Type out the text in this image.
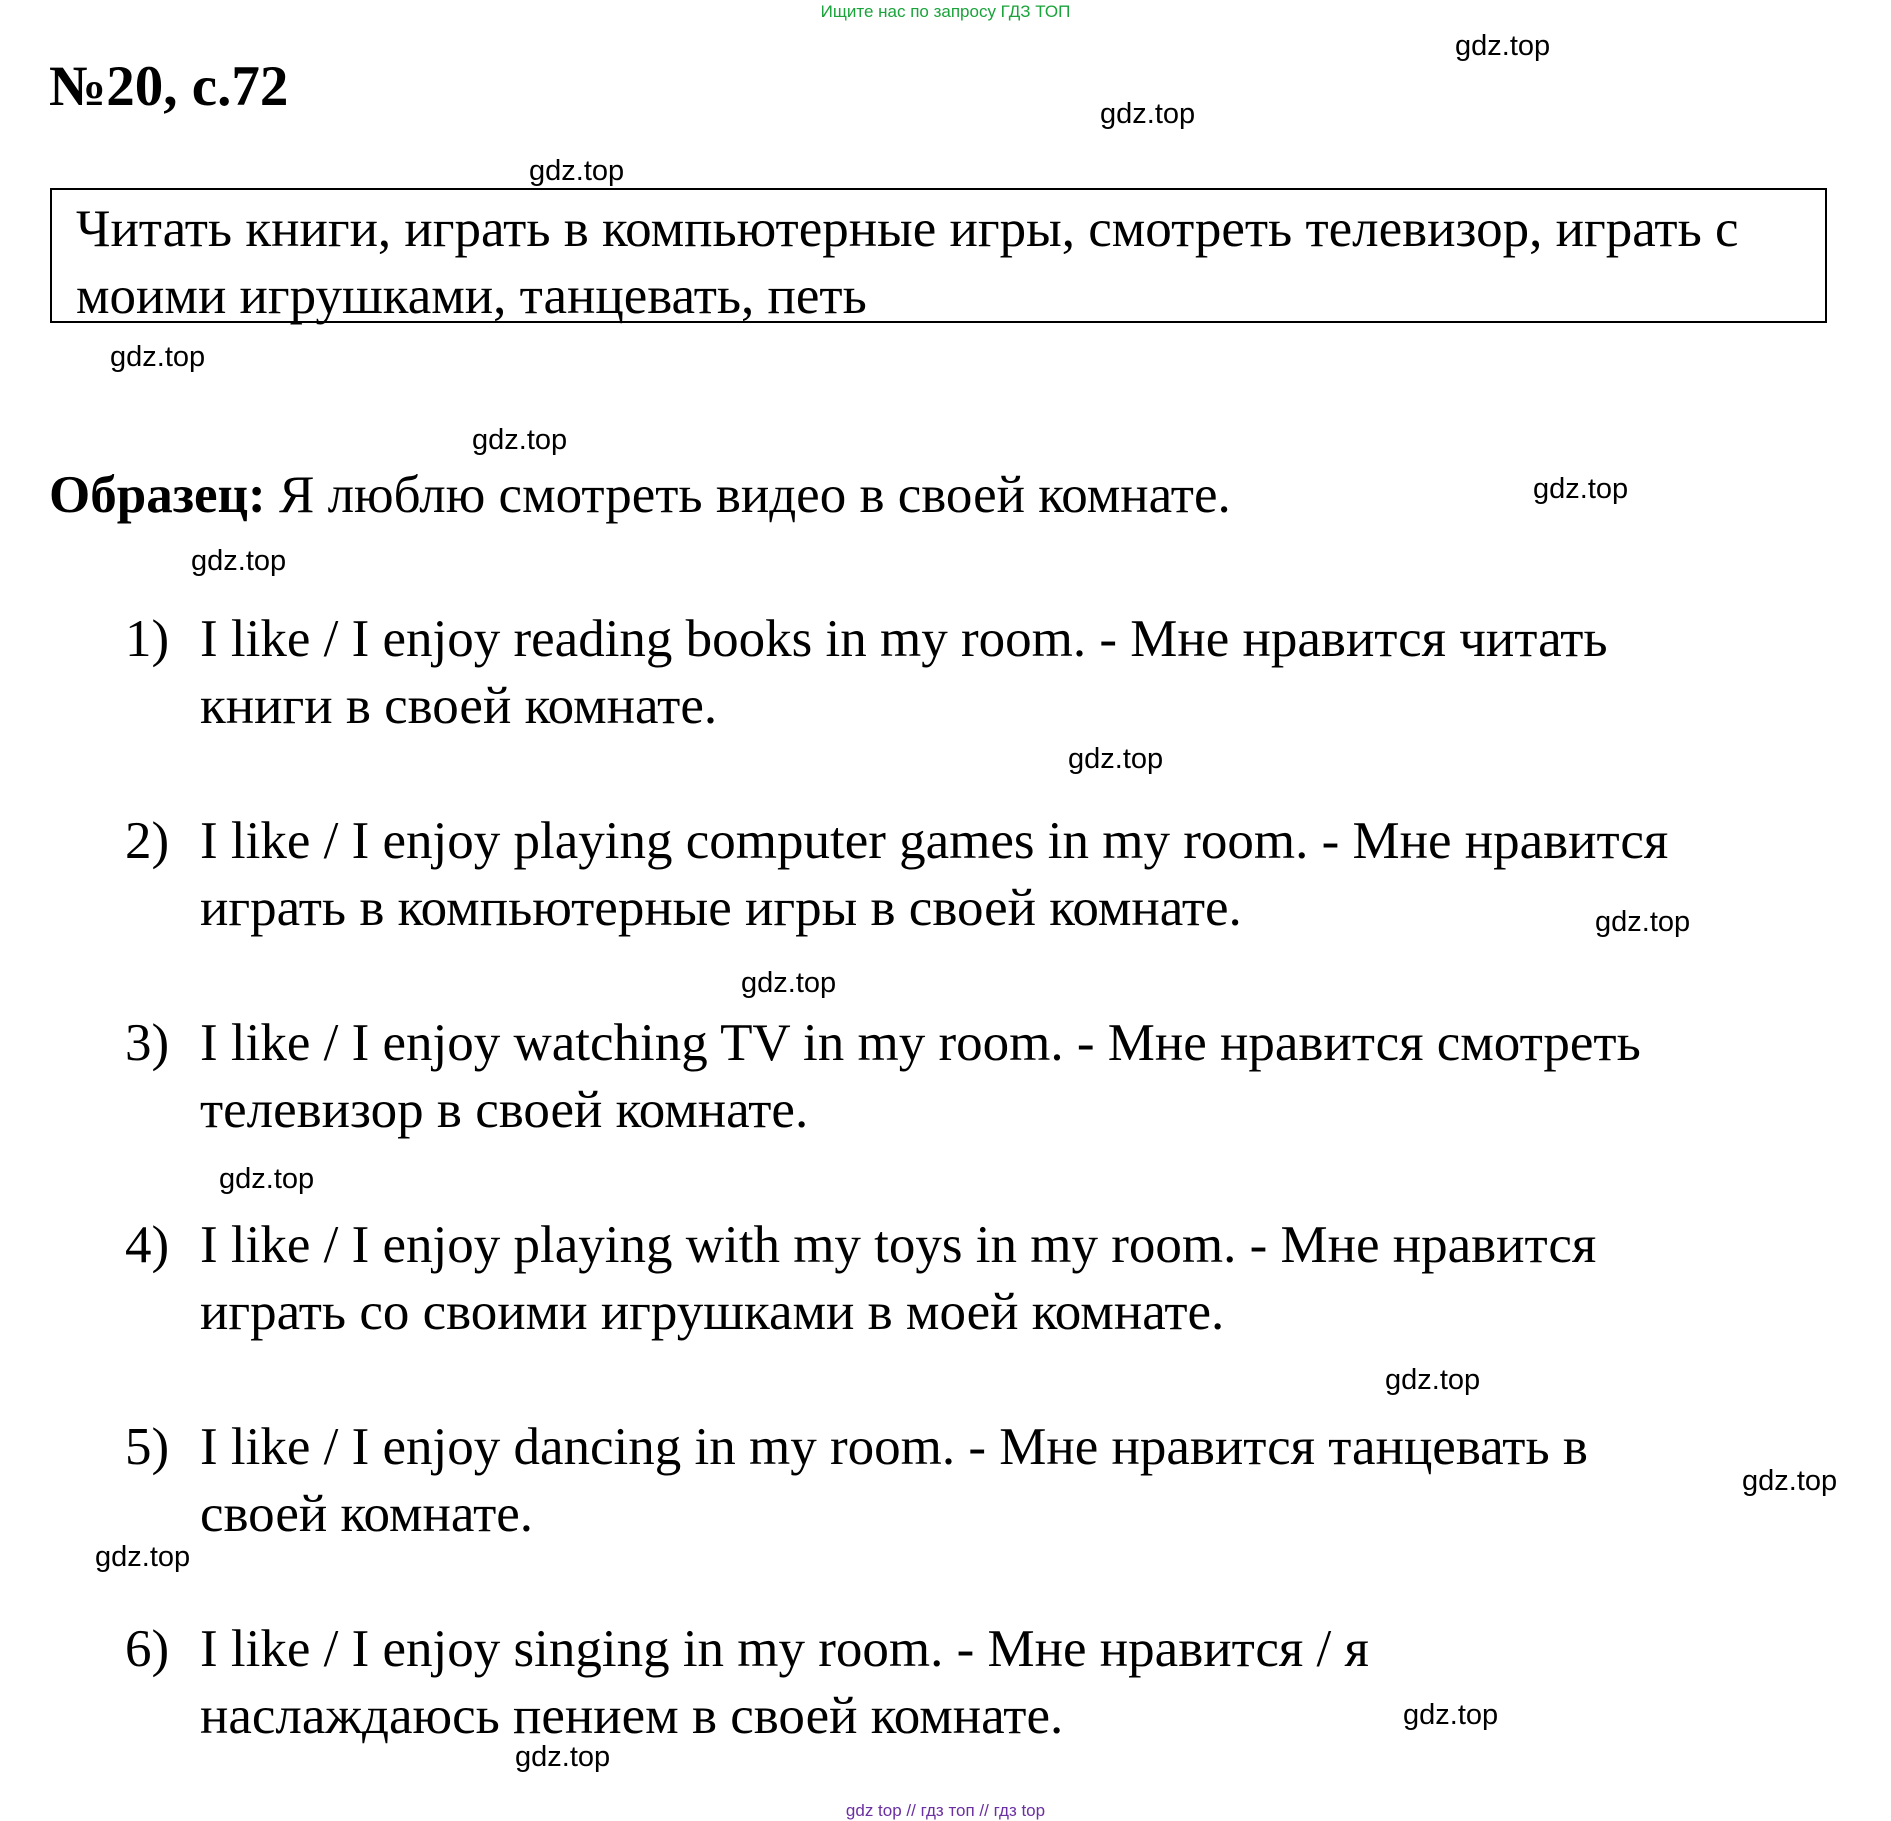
Ищите нас по запросу ГДЗ ТОП
№20, с.72
Читать книги, играть в компьютерные игры, смотреть телевизор, играть с моими игрушками, танцевать, петь
Образец: Я люблю смотреть видео в своей комнате.
1) I like / I enjoy reading books in my room. - Мне нравится читать
книги в своей комнате.
2) I like / I enjoy playing computer games in my room. - Мне нравится
играть в компьютерные игры в своей комнате.
3) I like / I enjoy watching TV in my room. - Мне нравится смотреть
телевизор в своей комнате.
4) I like / I enjoy playing with my toys in my room. - Мне нравится
играть со своими игрушками в моей комнате.
5) I like / I enjoy dancing in my room. - Мне нравится танцевать в
своей комнате.
6) I like / I enjoy singing in my room. - Мне нравится / я
наслаждаюсь пением в своей комнате.
gdz.top
gdz.top
gdz.top
gdz.top
gdz.top
gdz.top
gdz.top
gdz.top
gdz.top
gdz.top
gdz.top
gdz.top
gdz.top
gdz.top
gdz.top
gdz.top
gdz top // гдз топ // гдз top
